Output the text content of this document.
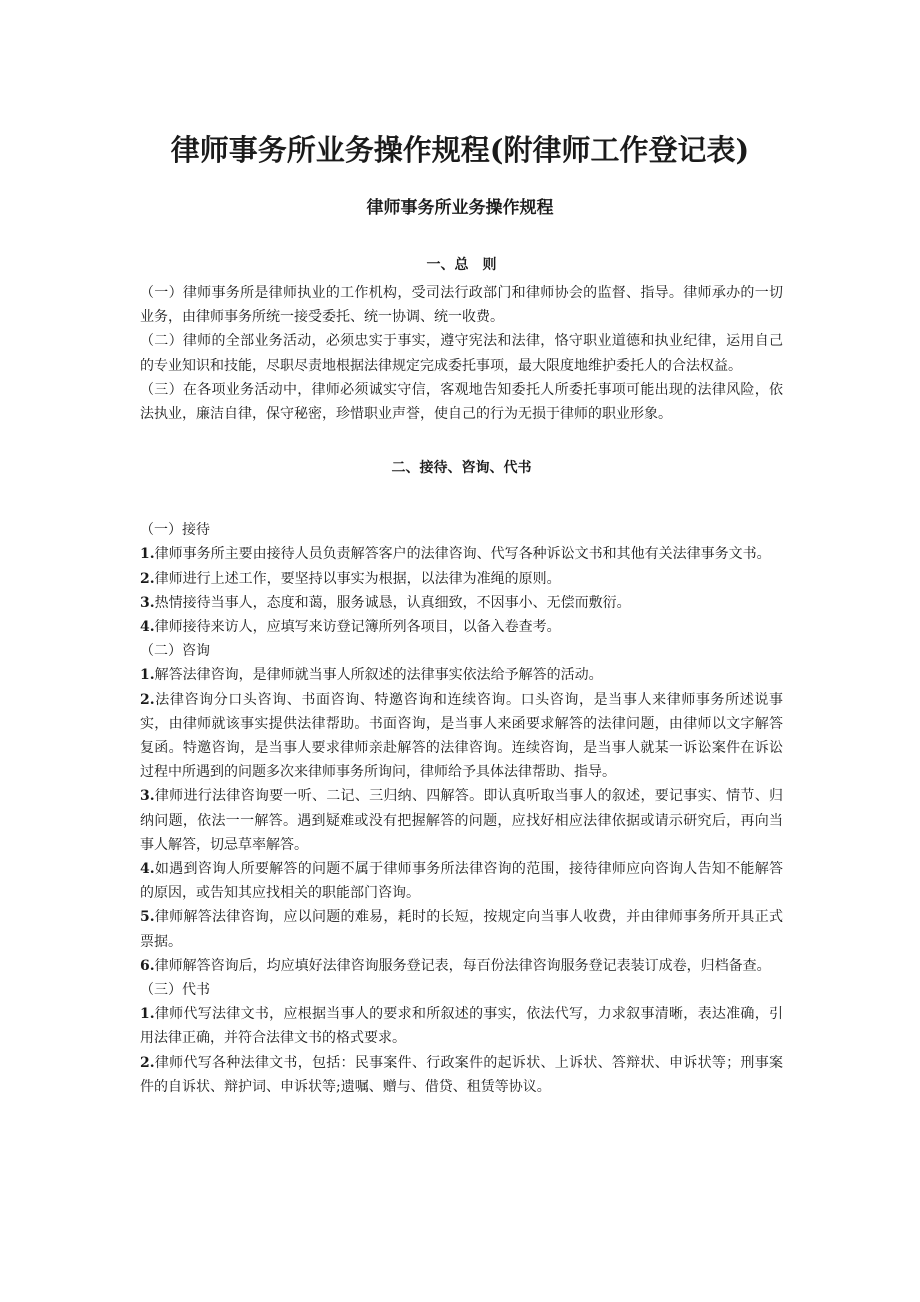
律师事务所业务操作规程(附律师工作登记表)
律师事务所业务操作规程
一、总　则

（一）律师事务所是律师执业的工作机构，受司法行政部门和律师协会的监督、指导。律师承办的一切业务，由律师事务所统一接受委托、统一协调、统一收费。

（二）律师的全部业务活动，必须忠实于事实，遵守宪法和法律，恪守职业道德和执业纪律，运用自己的专业知识和技能，尽职尽责地根据法律规定完成委托事项，最大限度地维护委托人的合法权益。

（三）在各项业务活动中，律师必须诚实守信，客观地告知委托人所委托事项可能出现的法律风险，依法执业，廉洁自律，保守秘密，珍惜职业声誉，使自己的行为无损于律师的职业形象。

二、接待、咨询、代书

（一）接待

1.律师事务所主要由接待人员负责解答客户的法律咨询、代写各种诉讼文书和其他有关法律事务文书。

2.律师进行上述工作，要坚持以事实为根据，以法律为准绳的原则。

3.热情接待当事人，态度和蔼，服务诚恳，认真细致，不因事小、无偿而敷衍。

4.律师接待来访人，应填写来访登记簿所列各项目，以备入卷查考。

（二）咨询

1.解答法律咨询，是律师就当事人所叙述的法律事实依法给予解答的活动。

2.法律咨询分口头咨询、书面咨询、特邀咨询和连续咨询。口头咨询，是当事人来律师事务所述说事实，由律师就该事实提供法律帮助。书面咨询，是当事人来函要求解答的法律问题，由律师以文字解答复函。特邀咨询，是当事人要求律师亲赴解答的法律咨询。连续咨询，是当事人就某一诉讼案件在诉讼过程中所遇到的问题多次来律师事务所询问，律师给予具体法律帮助、指导。

3.律师进行法律咨询要一听、二记、三归纳、四解答。即认真听取当事人的叙述，要记事实、情节、归纳问题，依法一一解答。遇到疑难或没有把握解答的问题，应找好相应法律依据或请示研究后，再向当事人解答，切忌草率解答。

4.如遇到咨询人所要解答的问题不属于律师事务所法律咨询的范围，接待律师应向咨询人告知不能解答的原因，或告知其应找相关的职能部门咨询。

5.律师解答法律咨询，应以问题的难易，耗时的长短，按规定向当事人收费，并由律师事务所开具正式票据。

6.律师解答咨询后，均应填好法律咨询服务登记表，每百份法律咨询服务登记表装订成卷，归档备查。

（三）代书

1.律师代写法律文书，应根据当事人的要求和所叙述的事实，依法代写，力求叙事清晰，表达准确，引用法律正确，并符合法律文书的格式要求。

2.律师代写各种法律文书，包括：民事案件、行政案件的起诉状、上诉状、答辩状、申诉状等；刑事案件的自诉状、辩护词、申诉状等;遗嘱、赠与、借贷、租赁等协议。
